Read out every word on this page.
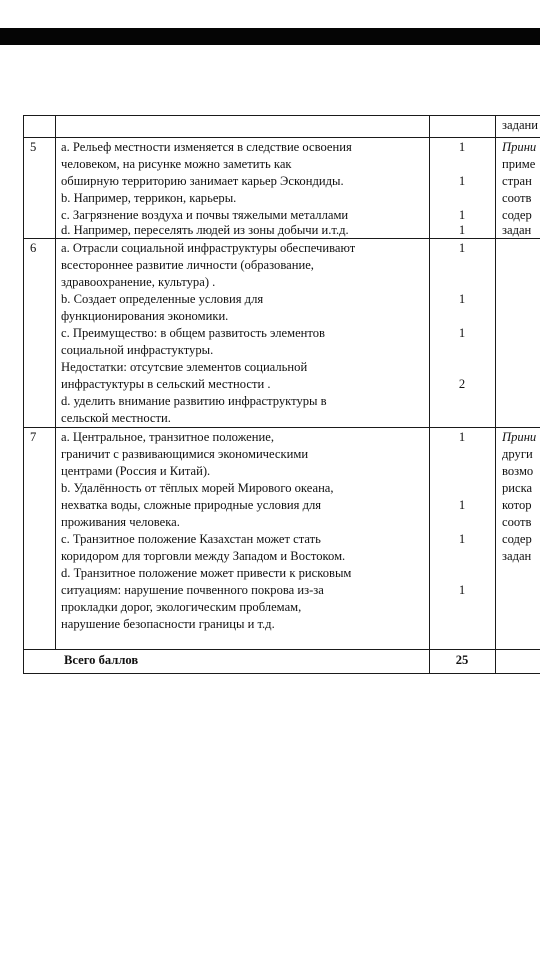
задани
5 a. Рельеф местности изменяется в следствие освоения
человеком, на рисунке можно заметить как
обширную территорию занимает карьер Эскондиды.
b. Например, террикон, карьеры.
c. Загрязнение воздуха и почвы тяжелыми металлами
d. Например, переселять людей из зоны добычи и.т.д.
1
1
1
1
Прини
приме
стран
соотв
содер
задан
6 a. Отрасли социальной инфраструктуры обеспечивают
всестороннее развитие личности (образование,
здравоохранение, культура) .
b. Создает определенные условия для
функционирования экономики.
c. Преимущество: в общем развитость элементов
социальной инфрастуктуры.
Недостатки: отсутсвие элементов социальной
инфрастуктуры в сельский местности .
d. уделить внимание развитию инфраструктуры в
сельской местности.
1
1
1
2
7 a. Центральное, транзитное положение,
граничит с развивающимися экономическими
центрами (Россия и Китай).
b. Удалённость от тёплых морей Мирового океана,
нехватка воды, сложные природные условия для
проживания человека.
c. Транзитное положение Казахстан может стать
коридором для торговли между Западом и Востоком.
d. Транзитное положение может привести к рисковым
ситуациям: нарушение почвенного покрова из-за
прокладки дорог, экологическим проблемам,
нарушение безопасности границы и т.д.
1
1
1
1
Прини
други
возмо
риска
котор
соотв
содер
задан
Всего баллов	25
